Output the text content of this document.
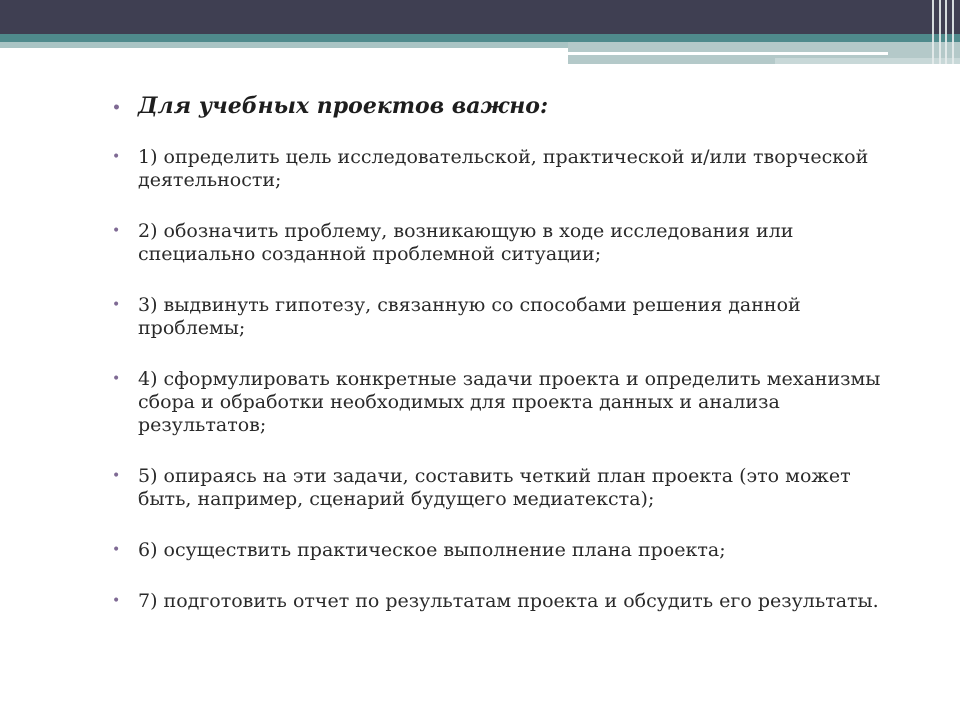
• Для учебных проектов важно:
• 1) определить цель исследовательской, практической и/или творческой деятельности;
• 2) обозначить проблему, возникающую в ходе исследования или специально созданной проблемной ситуации;
• 3) выдвинуть гипотезу, связанную со способами решения данной проблемы;
• 4) сформулировать конкретные задачи проекта и определить механизмы сбора и обработки необходимых для проекта данных и анализа результатов;
• 5) опираясь на эти задачи, составить четкий план проекта (это может быть, например, сценарий будущего медиатекста);
• 6) осуществить практическое выполнение плана проекта;
• 7) подготовить отчет по результатам проекта и обсудить его результаты.
